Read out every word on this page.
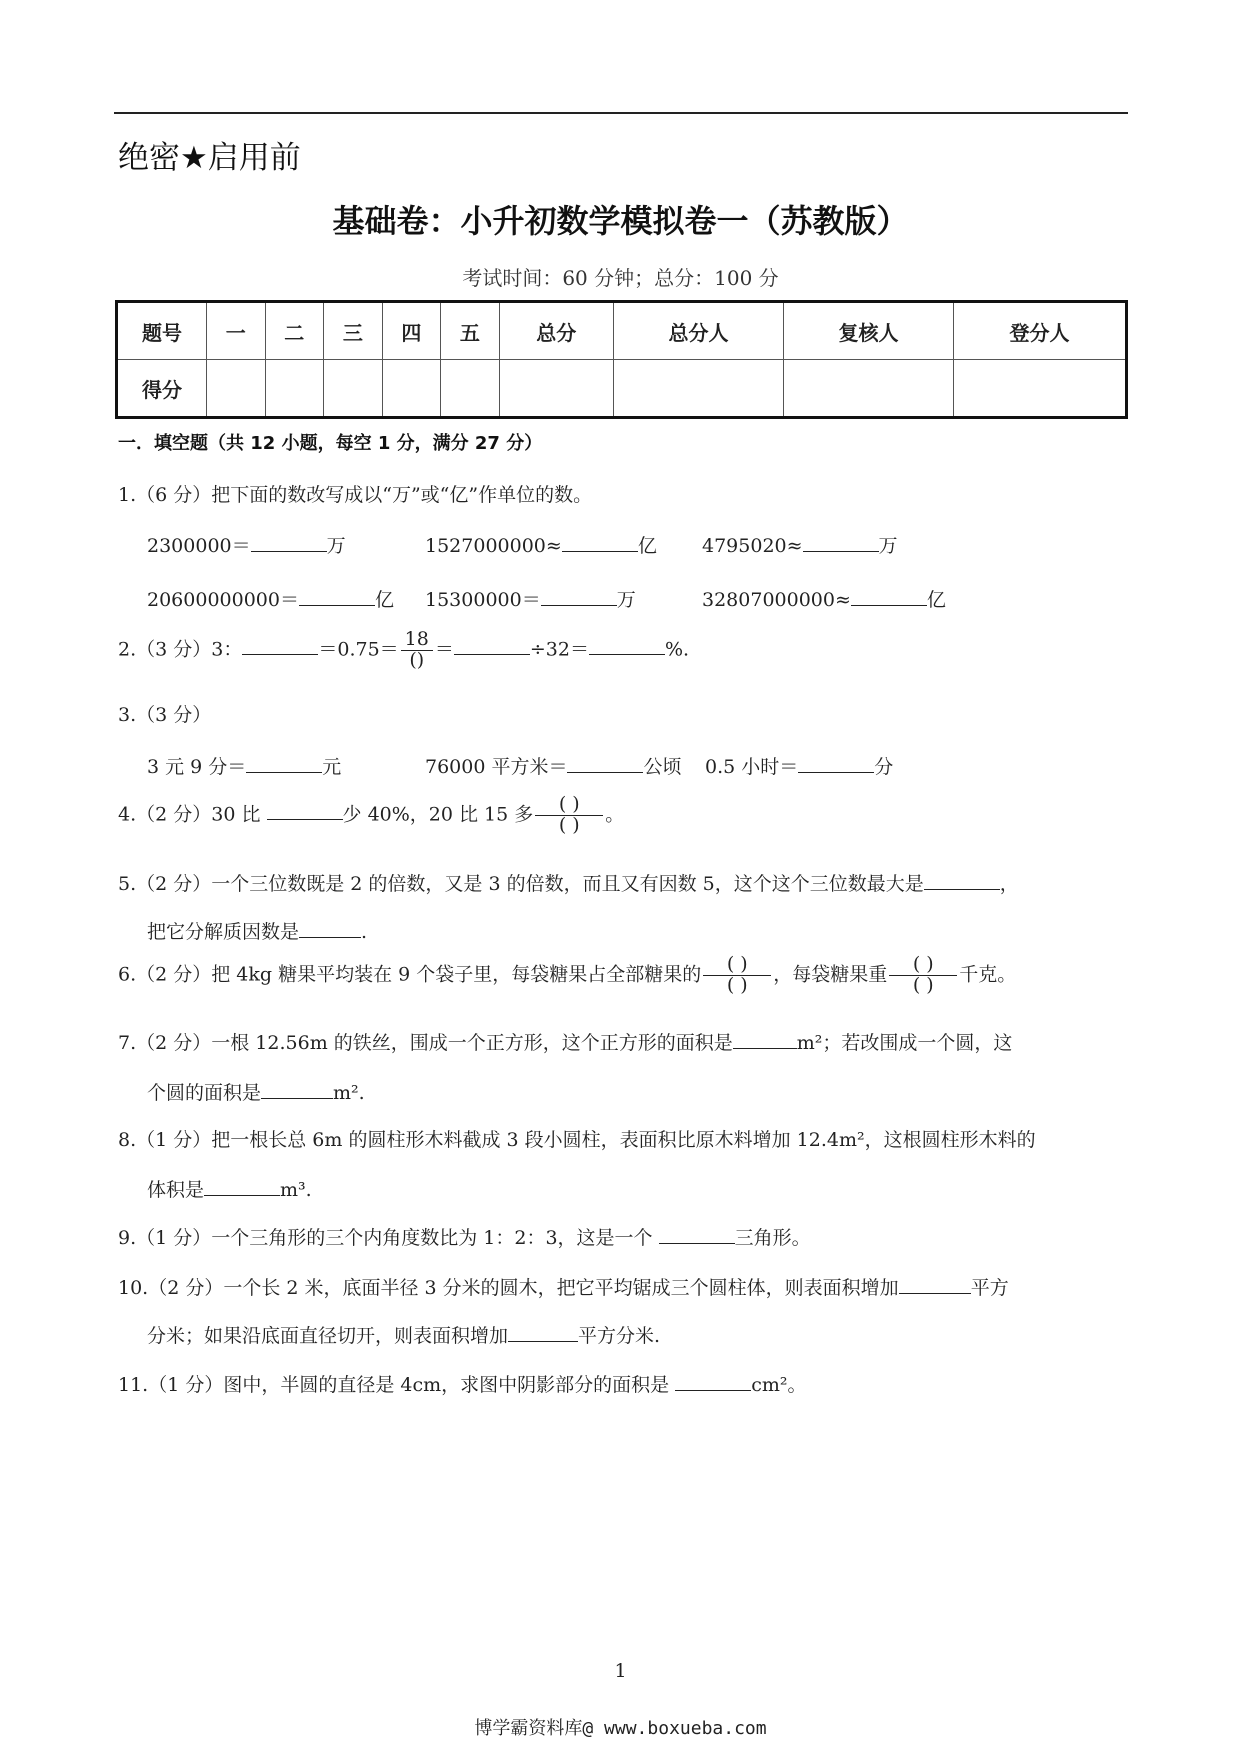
绝密★启用前
基础卷：小升初数学模拟卷一（苏教版）
考试时间：60 分钟；总分：100 分
题号	一	二	三	四	五	总分	总分人	复核人	登分人
得分									
一．填空题（共 12 小题，每空 1 分，满分 27 分）
1.（6 分）把下面的数改写成以“万”或“亿”作单位的数。
2300000＝	万	1527000000≈	亿 4795020≈	万
20600000000＝	亿 15300000＝	万	32807000000≈	亿
2.（3 分）3：	$=0.75= \frac{18}{()}$ ＝	÷32＝	%.
3.（3 分）
3 元 9 分＝	元	76000 平方米＝	公顷 0.5 小时＝	分
4.（2 分）30 比	少 40%，20 比 15 多 $\frac{( )}{( )}$ 。
5.（2 分）一个三位数既是 2 的倍数，又是 3 的倍数，而且又有因数 5，这个这个三位数最大是	，
把它分解质因数是	.
6.（2 分）把 4kg 糖果平均装在 9 个袋子里，每袋糖果占全部糖果的 $\frac{( )}{( )}$ ，每袋糖果重 $\frac{( )}{( )}$ 千克。
7.（2 分）一根 12.56m 的铁丝，围成一个正方形，这个正方形的面积是	m²；若改围成一个圆，这
个圆的面积是	m².
8.（1 分）把一根长总 6m 的圆柱形木料截成 3 段小圆柱，表面积比原木料增加 12.4m²，这根圆柱形木料的
体积是	m³.
9.（1 分）一个三角形的三个内角度数比为 1：2：3，这是一个	三角形。
10.（2 分）一个长 2 米，底面半径 3 分米的圆木，把它平均锯成三个圆柱体，则表面积增加	平方
分米；如果沿底面直径切开，则表面积增加	平方分米.
11.（1 分）图中，半圆的直径是 4cm，求图中阴影部分的面积是	cm²。
1
博学霸资料库@ www.boxueba.com
